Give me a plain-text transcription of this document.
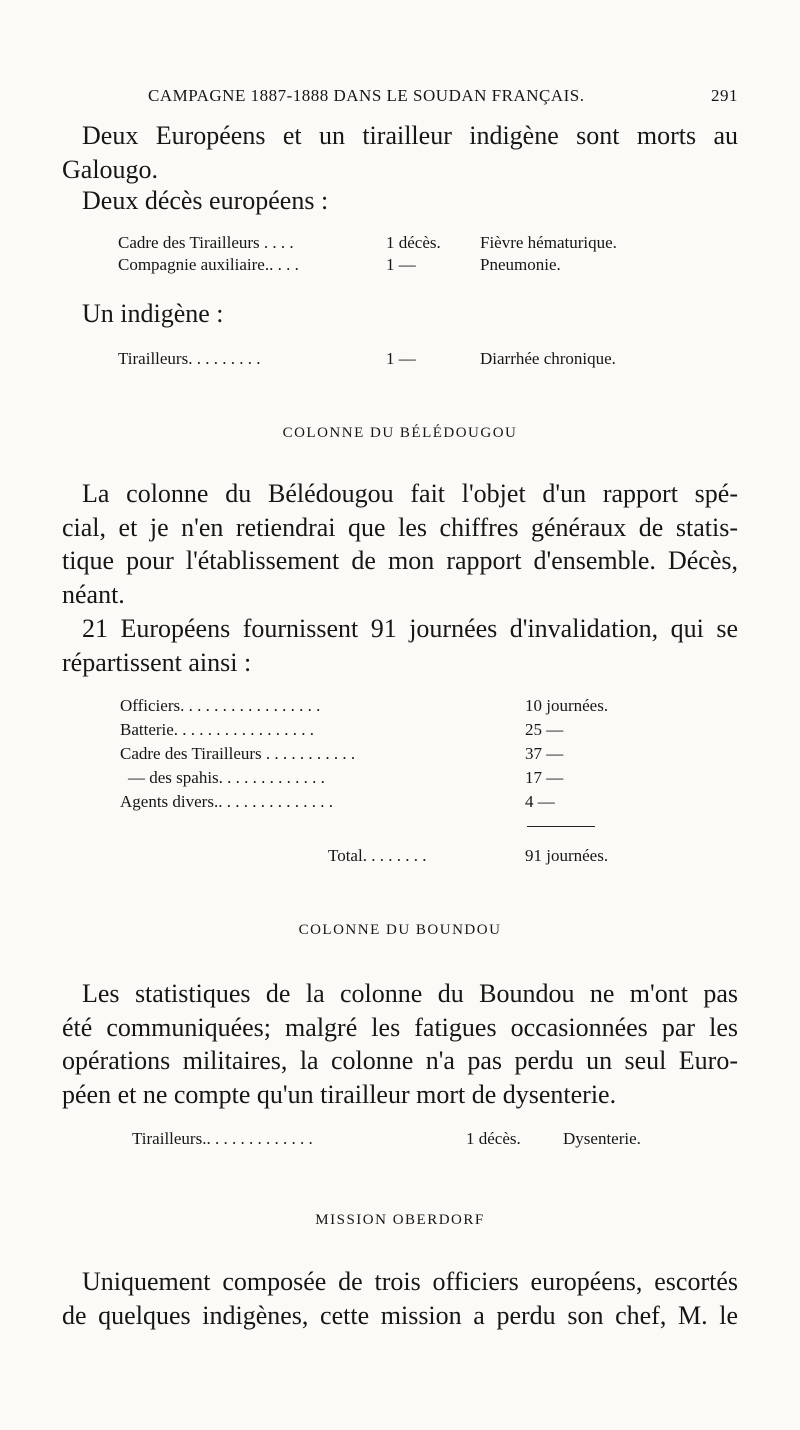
CAMPAGNE 1887-1888 DANS LE SOUDAN FRANÇAIS.	291
Deux Européens et un tirailleur indigène sont morts au
Galougo.
Deux décès européens :
Cadre des Tirailleurs . . . .	1 décès. Fièvre hématurique.
Compagnie auxiliaire.. . . .	1 —	Pneumonie.
Un indigène :
Tirailleurs. . . . . . . . .	1 —	Diarrhée chronique.
COLONNE DU BÉLÉDOUGOU
La colonne du Bélédougou fait l'objet d'un rapport spé-
cial, et je n'en retiendrai que les chiffres généraux de statis-
tique pour l'établissement de mon rapport d'ensemble. Décès,
néant.
21 Européens fournissent 91 journées d'invalidation, qui se
répartissent ainsi :
Officiers. . . . . . . . . . . . . . . . .	10 journées.
Batterie. . . . . . . . . . . . . . . . .	25 —
Cadre des Tirailleurs . . . . . . . . . . .	37 —
— des spahis. . . . . . . . . . . . .	17 —
Agents divers.. . . . . . . . . . . . . .	4 —
Total. . . . . . . .	91 journées.
COLONNE DU BOUNDOU
Les statistiques de la colonne du Boundou ne m'ont pas
été communiquées; malgré les fatigues occasionnées par les
opérations militaires, la colonne n'a pas perdu un seul Euro-
péen et ne compte qu'un tirailleur mort de dysenterie.
Tirailleurs.. . . . . . . . . . . . .	1 décès. Dysenterie.
MISSION OBERDORF
Uniquement composée de trois officiers européens, escortés
de quelques indigènes, cette mission a perdu son chef, M. le
